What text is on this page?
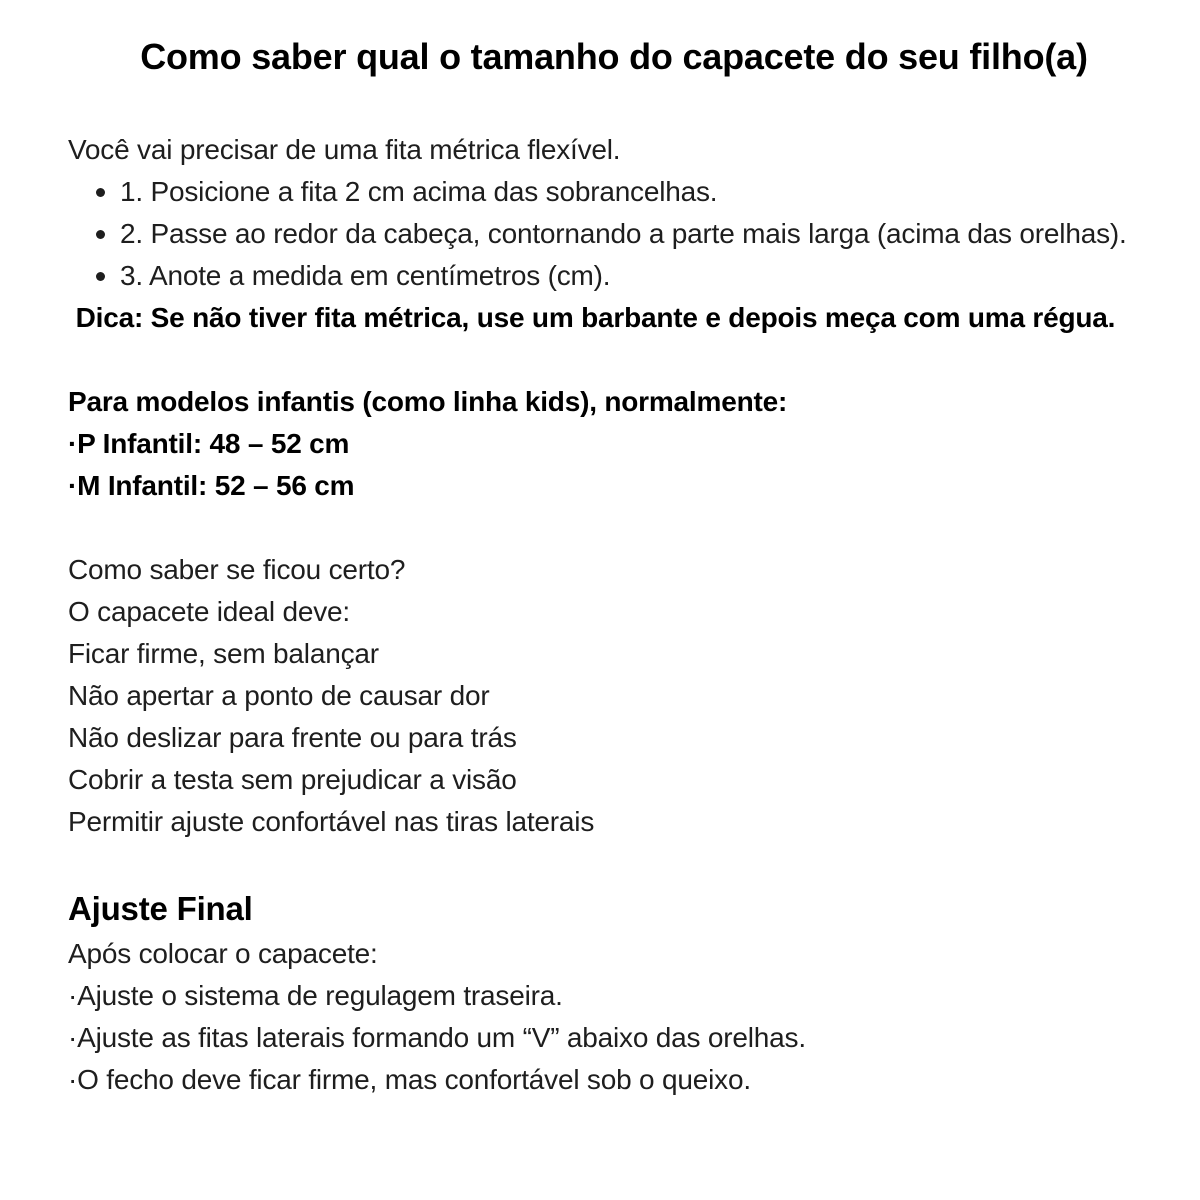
Como saber qual o tamanho do capacete do seu filho(a)

Você vai precisar de uma fita métrica flexível.

1. Posicione a fita 2 cm acima das sobrancelhas.
2. Passe ao redor da cabeça, contornando a parte mais larga (acima das orelhas).
3. Anote a medida em centímetros (cm).

Dica: Se não tiver fita métrica, use um barbante e depois meça com uma régua.

Para modelos infantis (como linha kids), normalmente:

·P Infantil: 48 – 52 cm

·M Infantil: 52 – 56 cm

Como saber se ficou certo?

O capacete ideal deve:

Ficar firme, sem balançar

Não apertar a ponto de causar dor

Não deslizar para frente ou para trás

Cobrir a testa sem prejudicar a visão

Permitir ajuste confortável nas tiras laterais

Ajuste Final

Após colocar o capacete:

·Ajuste o sistema de regulagem traseira.

·Ajuste as fitas laterais formando um “V” abaixo das orelhas.

·O fecho deve ficar firme, mas confortável sob o queixo.
